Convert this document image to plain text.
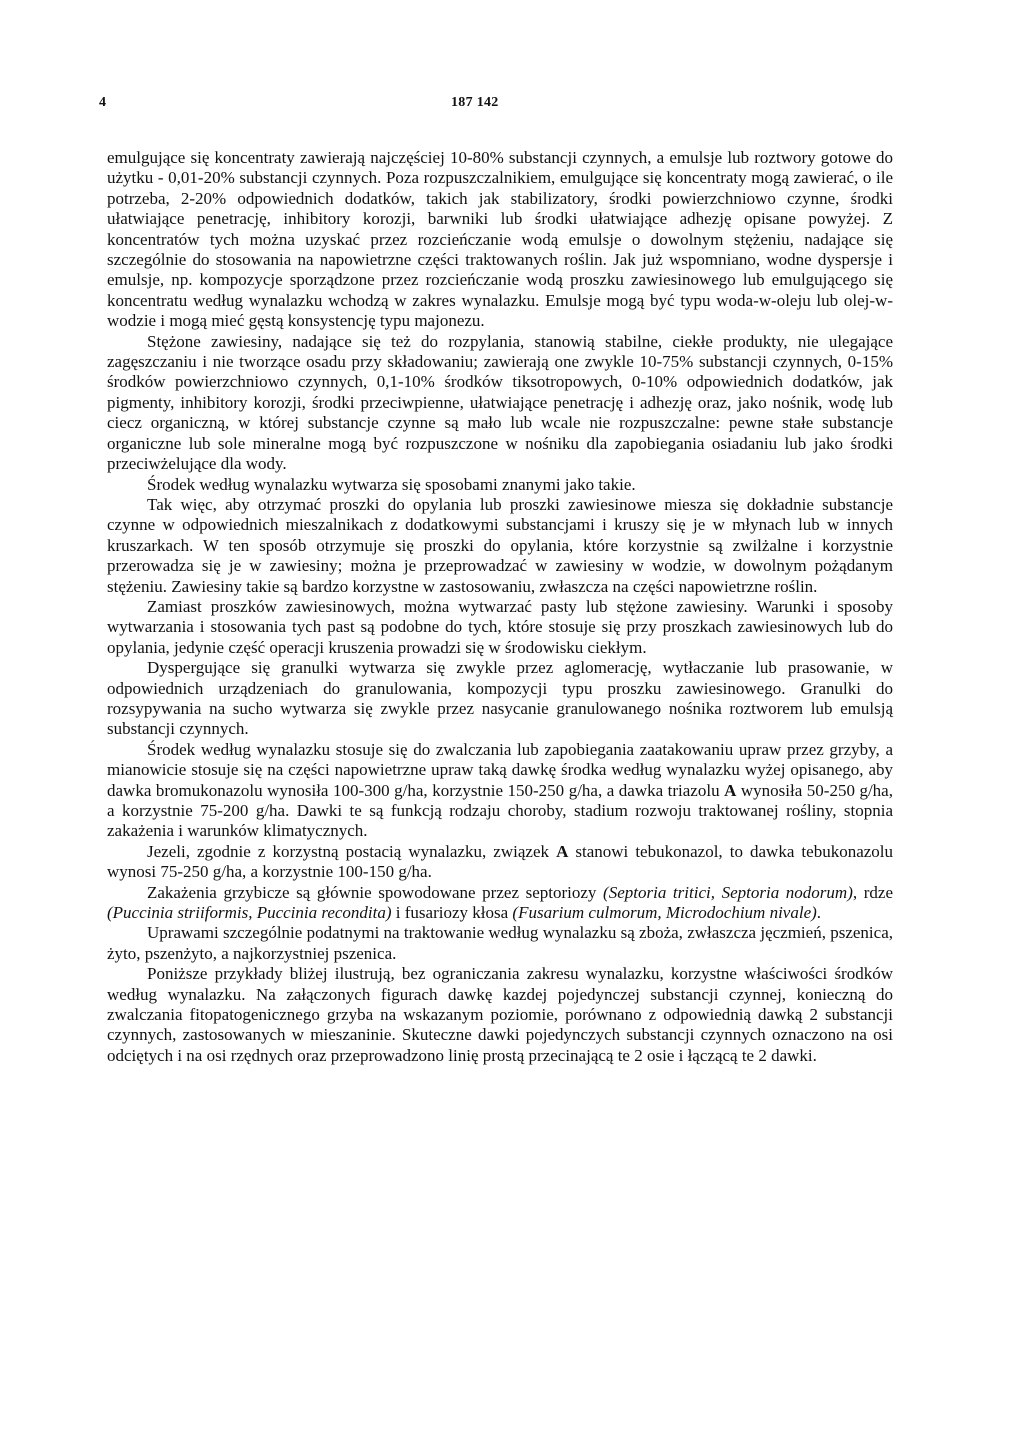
4	187 142

emulgujące się koncentraty zawierają najczęściej 10-80% substancji czynnych, a emulsje lub roztwory gotowe do użytku - 0,01-20% substancji czynnych. Poza rozpuszczalnikiem, emulgujące się koncentraty mogą zawierać, o ile potrzeba, 2-20% odpowiednich dodatków, takich jak stabilizatory, środki powierzchniowo czynne, środki ułatwiające penetrację, inhibitory korozji, barwniki lub środki ułatwiające adhezję opisane powyżej. Z koncentratów tych można uzyskać przez rozcieńczanie wodą emulsje o dowolnym stężeniu, nadające się szczególnie do stosowania na napowietrzne części traktowanych roślin. Jak już wspomniano, wodne dyspersje i emulsje, np. kompozycje sporządzone przez rozcieńczanie wodą proszku zawiesinowego lub emulgującego się koncentratu według wynalazku wchodzą w zakres wynalazku. Emulsje mogą być typu woda-w-oleju lub olej-w-wodzie i mogą mieć gęstą konsystencję typu majonezu.

Stężone zawiesiny, nadające się też do rozpylania, stanowią stabilne, ciekłe produkty, nie ulegające zagęszczaniu i nie tworzące osadu przy składowaniu; zawierają one zwykle 10-75% substancji czynnych, 0-15% środków powierzchniowo czynnych, 0,1-10% środków tiksotropowych, 0-10% odpowiednich dodatków, jak pigmenty, inhibitory korozji, środki przeciwpienne, ułatwiające penetrację i adhezję oraz, jako nośnik, wodę lub ciecz organiczną, w której substancje czynne są mało lub wcale nie rozpuszczalne: pewne stałe substancje organiczne lub sole mineralne mogą być rozpuszczone w nośniku dla zapobiegania osiadaniu lub jako środki przeciwżelujące dla wody.

Środek według wynalazku wytwarza się sposobami znanymi jako takie.

Tak więc, aby otrzymać proszki do opylania lub proszki zawiesinowe miesza się dokładnie substancje czynne w odpowiednich mieszalnikach z dodatkowymi substancjami i kruszy się je w młynach lub w innych kruszarkach. W ten sposób otrzymuje się proszki do opylania, które korzystnie są zwilżalne i korzystnie przerowadza się je w zawiesiny; można je przeprowadzać w zawiesiny w wodzie, w dowolnym pożądanym stężeniu. Zawiesiny takie są bardzo korzystne w zastosowaniu, zwłaszcza na części napowietrzne roślin.

Zamiast proszków zawiesinowych, można wytwarzać pasty lub stężone zawiesiny. Warunki i sposoby wytwarzania i stosowania tych past są podobne do tych, które stosuje się przy proszkach zawiesinowych lub do opylania, jedynie część operacji kruszenia prowadzi się w środowisku ciekłym.

Dyspergujące się granulki wytwarza się zwykle przez aglomerację, wytłaczanie lub prasowanie, w odpowiednich urządzeniach do granulowania, kompozycji typu proszku zawiesinowego. Granulki do rozsypywania na sucho wytwarza się zwykle przez nasycanie granulowanego nośnika roztworem lub emulsją substancji czynnych.

Środek według wynalazku stosuje się do zwalczania lub zapobiegania zaatakowaniu upraw przez grzyby, a mianowicie stosuje się na części napowietrzne upraw taką dawkę środka według wynalazku wyżej opisanego, aby dawka bromukonazolu wynosiła 100-300 g/ha, korzystnie 150-250 g/ha, a dawka triazolu A wynosiła 50-250 g/ha, a korzystnie 75-200 g/ha. Dawki te są funkcją rodzaju choroby, stadium rozwoju traktowanej rośliny, stopnia zakażenia i warunków klimatycznych.

Jezeli, zgodnie z korzystną postacią wynalazku, związek A stanowi tebukonazol, to dawka tebukonazolu wynosi 75-250 g/ha, a korzystnie 100-150 g/ha.

Zakażenia grzybicze są głównie spowodowane przez septoriozy (Septoria tritici, Septoria nodorum), rdze (Puccinia striiformis, Puccinia recondita) i fusariozy kłosa (Fusarium culmorum, Microdochium nivale).

Uprawami szczególnie podatnymi na traktowanie według wynalazku są zboża, zwłaszcza jęczmień, pszenica, żyto, pszenżyto, a najkorzystniej pszenica.

Poniższe przykłady bliżej ilustrują, bez ograniczania zakresu wynalazku, korzystne właściwości środków według wynalazku. Na załączonych figurach dawkę kazdej pojedynczej substancji czynnej, konieczną do zwalczania fitopatogenicznego grzyba na wskazanym poziomie, porównano z odpowiednią dawką 2 substancji czynnych, zastosowanych w mieszaninie. Skuteczne dawki pojedynczych substancji czynnych oznaczono na osi odciętych i na osi rzędnych oraz przeprowadzono linię prostą przecinającą te 2 osie i łączącą te 2 dawki.
